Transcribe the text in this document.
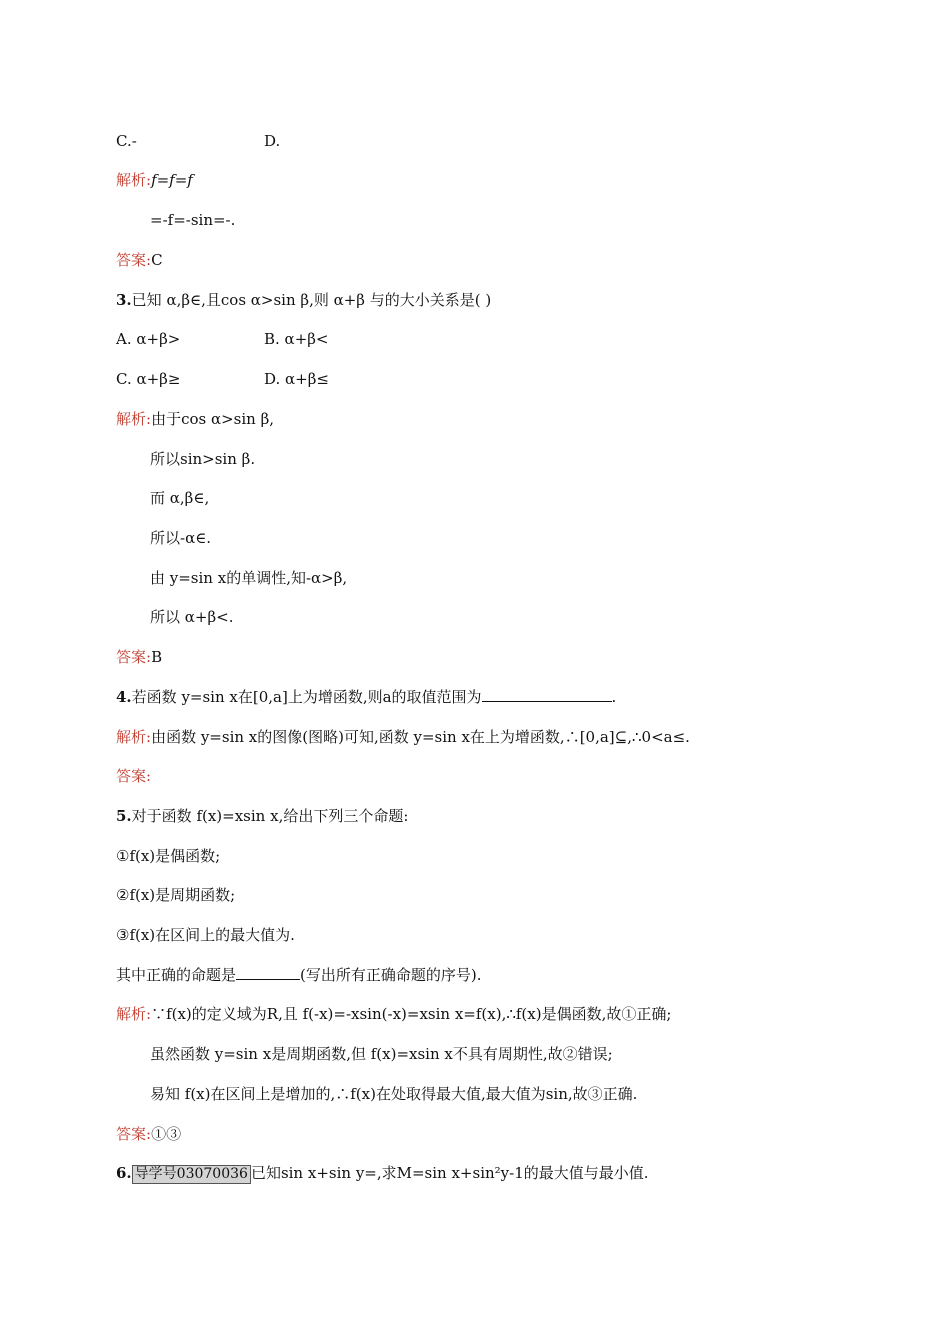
C.-	D.
解析:f=f=f
=-f=-sin=-.
答案:C
3.已知 α,β∈,且cos α>sin β,则 α+β 与的大小关系是( )
A. α+β>	B. α+β<
C. α+β≥	D. α+β≤
解析:由于cos α>sin β,
所以sin>sin β.
而 α,β∈,
所以-α∈.
由 y=sin x的单调性,知-α>β,
所以 α+β<.
答案:B
4.若函数 y=sin x在[0,a]上为增函数,则a的取值范围为	.
解析:由函数 y=sin x的图像(图略)可知,函数 y=sin x在上为增函数,∴[0,a]⊆,∴0<a≤.
答案:
5.对于函数 f(x)=xsin x,给出下列三个命题:
①f(x)是偶函数;
②f(x)是周期函数;
③f(x)在区间上的最大值为.
其中正确的命题是	(写出所有正确命题的序号).
解析:∵f(x)的定义域为R,且 f(-x)=-xsin(-x)=xsin x=f(x),∴f(x)是偶函数,故①正确;
虽然函数 y=sin x是周期函数,但 f(x)=xsin x不具有周期性,故②错误;
易知 f(x)在区间上是增加的,∴f(x)在处取得最大值,最大值为sin,故③正确.
答案:①③
6. 导学号03070036 已知sin x+sin y=,求M=sin x+sin²y-1的最大值与最小值.
